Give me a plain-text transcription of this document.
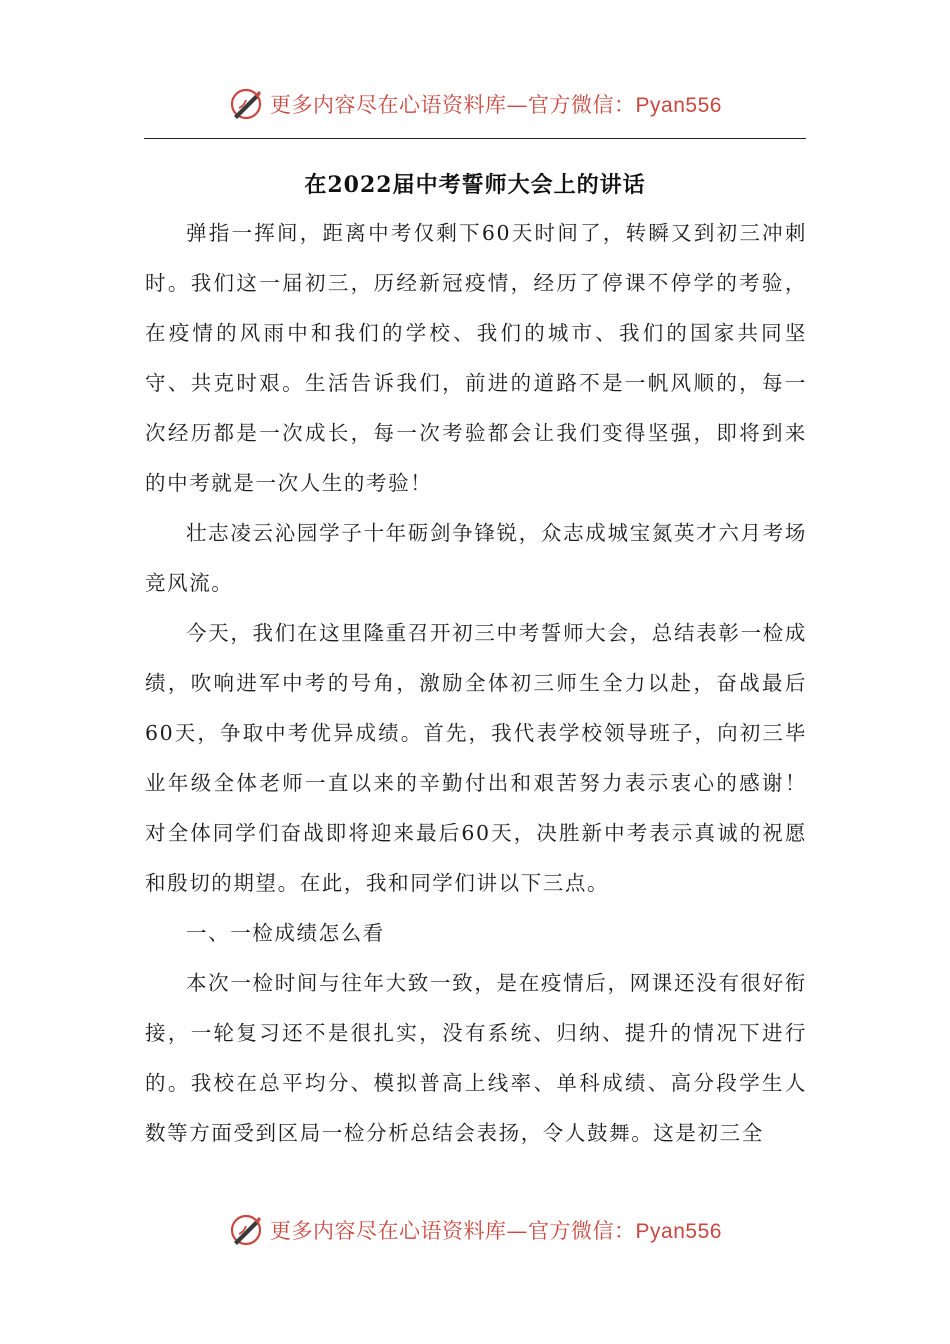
更多内容尽在心语资料库—官方微信：Pyan556
在2022届中考誓师大会上的讲话

弹指一挥间，距离中考仅剩下60天时间了，转瞬又到初三冲刺时。我们这一届初三，历经新冠疫情，经历了停课不停学的考验，在疫情的风雨中和我们的学校、我们的城市、我们的国家共同坚守、共克时艰。生活告诉我们，前进的道路不是一帆风顺的，每一次经历都是一次成长，每一次考验都会让我们变得坚强，即将到来的中考就是一次人生的考验！

壮志凌云沁园学子十年砺剑争锋锐，众志成城宝氮英才六月考场竞风流。

今天，我们在这里隆重召开初三中考誓师大会，总结表彰一检成绩，吹响进军中考的号角，激励全体初三师生全力以赴，奋战最后60天，争取中考优异成绩。首先，我代表学校领导班子，向初三毕业年级全体老师一直以来的辛勤付出和艰苦努力表示衷心的感谢！对全体同学们奋战即将迎来最后60天，决胜新中考表示真诚的祝愿和殷切的期望。在此，我和同学们讲以下三点。

一、一检成绩怎么看

本次一检时间与往年大致一致，是在疫情后，网课还没有很好衔接，一轮复习还不是很扎实，没有系统、归纳、提升的情况下进行的。我校在总平均分、模拟普高上线率、单科成绩、高分段学生人数等方面受到区局一检分析总结会表扬，令人鼓舞。这是初三全

更多内容尽在心语资料库—官方微信：Pyan556
